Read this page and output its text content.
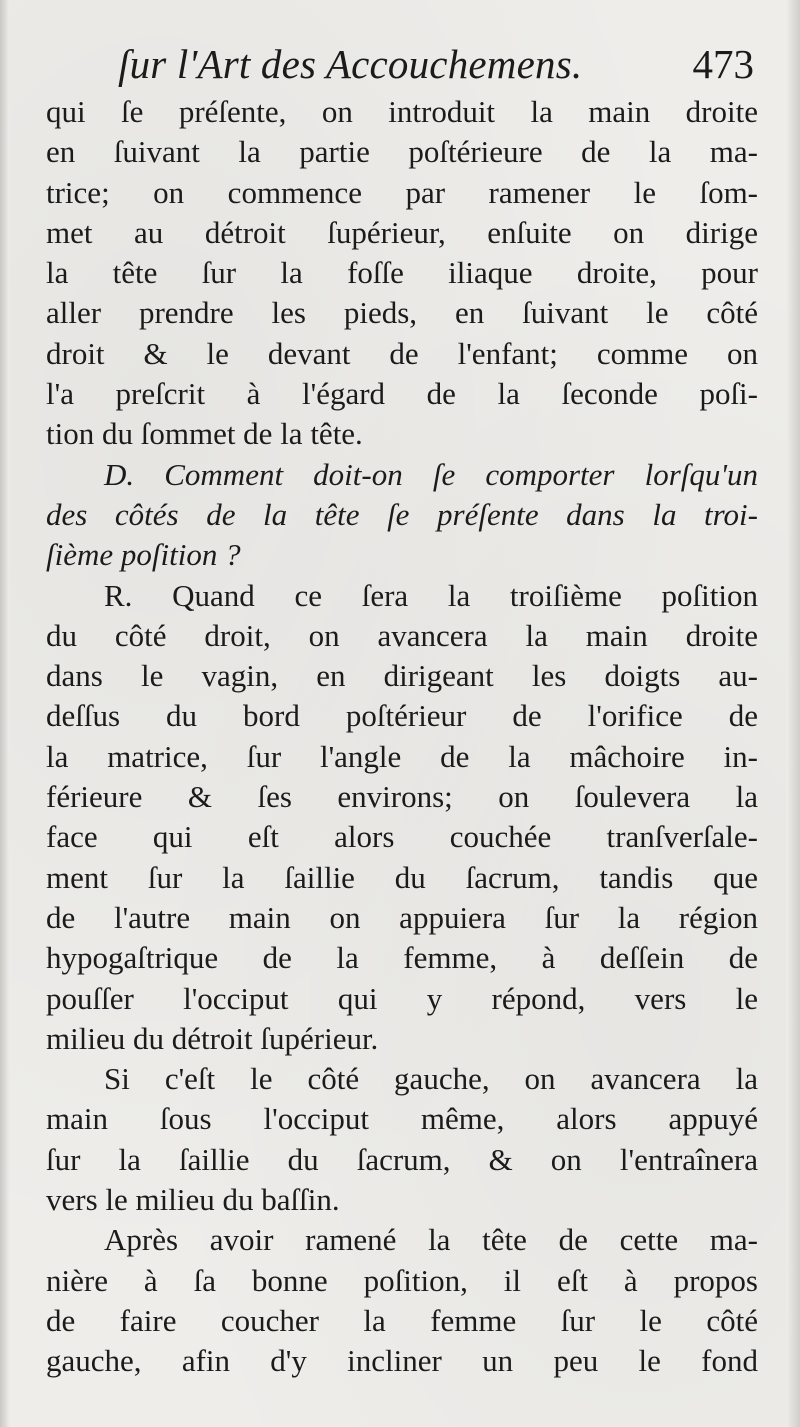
ſur l'Art des Accouchemens.	473
qui ſe préſente, on introduit la main droite
en ſuivant la partie poſtérieure de la ma-
trice; on commence par ramener le ſom-
met au détroit ſupérieur, enſuite on dirige
la tête ſur la foſſe iliaque droite, pour
aller prendre les pieds, en ſuivant le côté
droit & le devant de l'enfant; comme on
l'a preſcrit à l'égard de la ſeconde poſi-
tion du ſommet de la tête.
D. Comment doit-on ſe comporter lorſqu'un
des côtés de la tête ſe préſente dans la troi-
ſième poſition ?
R. Quand ce ſera la troiſième poſition
du côté droit, on avancera la main droite
dans le vagin, en dirigeant les doigts au-
deſſus du bord poſtérieur de l'orifice de
la matrice, ſur l'angle de la mâchoire in-
férieure & ſes environs; on ſoulevera la
face qui eſt alors couchée tranſverſale-
ment ſur la ſaillie du ſacrum, tandis que
de l'autre main on appuiera ſur la région
hypogaſtrique de la femme, à deſſein de
pouſſer l'occiput qui y répond, vers le
milieu du détroit ſupérieur.
Si c'eſt le côté gauche, on avancera la
main ſous l'occiput même, alors appuyé
ſur la ſaillie du ſacrum, & on l'entraînera
vers le milieu du baſſin.
Après avoir ramené la tête de cette ma-
nière à ſa bonne poſition, il eſt à propos
de faire coucher la femme ſur le côté
gauche, afin d'y incliner un peu le fond
